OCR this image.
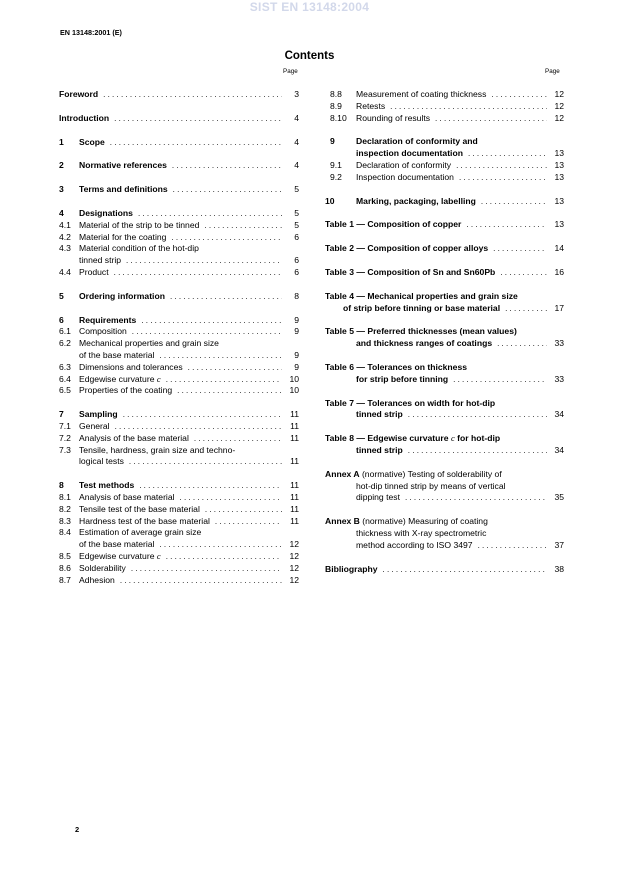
SIST EN 13148:2004
EN 13148:2001 (E)
Contents
Page	Page
Foreword . . .	3
Introduction . . .	4
1	Scope . . .	4
2	Normative references . . .	4
3	Terms and definitions . . .	5
4	Designations . . .	5
4.1 Material of the strip to be tinned . . .	5
4.2 Material for the coating . . .	6
4.3 Material condition of the hot-dip
tinned strip . . .	6
4.4 Product . . .	6
5	Ordering information . . .	8
6	Requirements . . .	9
6.1 Composition . . .	9
6.2 Mechanical properties and grain size
of the base material . . .	9
6.3 Dimensions and tolerances . . .	9
6.4 Edgewise curvature c . . .	10
6.5 Properties of the coating . . .	10
7	Sampling . . .	11
7.1 General . . .	11
7.2 Analysis of the base material . . .	11
7.3 Tensile, hardness, grain size and techno-
logical tests . . .	11
8	Test methods . . .	11
8.1 Analysis of base material . . .	11
8.2 Tensile test of the base material . . .	11
8.3 Hardness test of the base material . . .	11
8.4 Estimation of average grain size
of the base material . . .	12
8.5 Edgewise curvature c . . .	12
8.6 Solderability . . .	12
8.7 Adhesion . . .	12
8.8	Measurement of coating thickness . . .	12
8.9	Retests . . .	12
8.10	Rounding of results . . .	12
9	Declaration of conformity and
inspection documentation . . .	13
9.1	Declaration of conformity . . .	13
9.2	Inspection documentation . . .	13
10	Marking, packaging, labelling . . .	13
Table 1 — Composition of copper . . .	13
Table 2 — Composition of copper alloys . . .	14
Table 3 — Composition of Sn and Sn60Pb . . .	16
Table 4 — Mechanical properties and grain size
of strip before tinning or base material . . .	17
Table 5 — Preferred thicknesses (mean values)
and thickness ranges of coatings . . .	33
Table 6 — Tolerances on thickness
for strip before tinning . . .	33
Table 7 — Tolerances on width for hot-dip
tinned strip . . .	34
Table 8 — Edgewise curvature c for hot-dip
tinned strip . . .	34
Annex A (normative) Testing of solderability of
hot-dip tinned strip by means of vertical
dipping test . . .	35
Annex B (normative) Measuring of coating
thickness with X-ray spectrometric
method according to ISO 3497 . . .	37
Bibliography . . .	38
2
